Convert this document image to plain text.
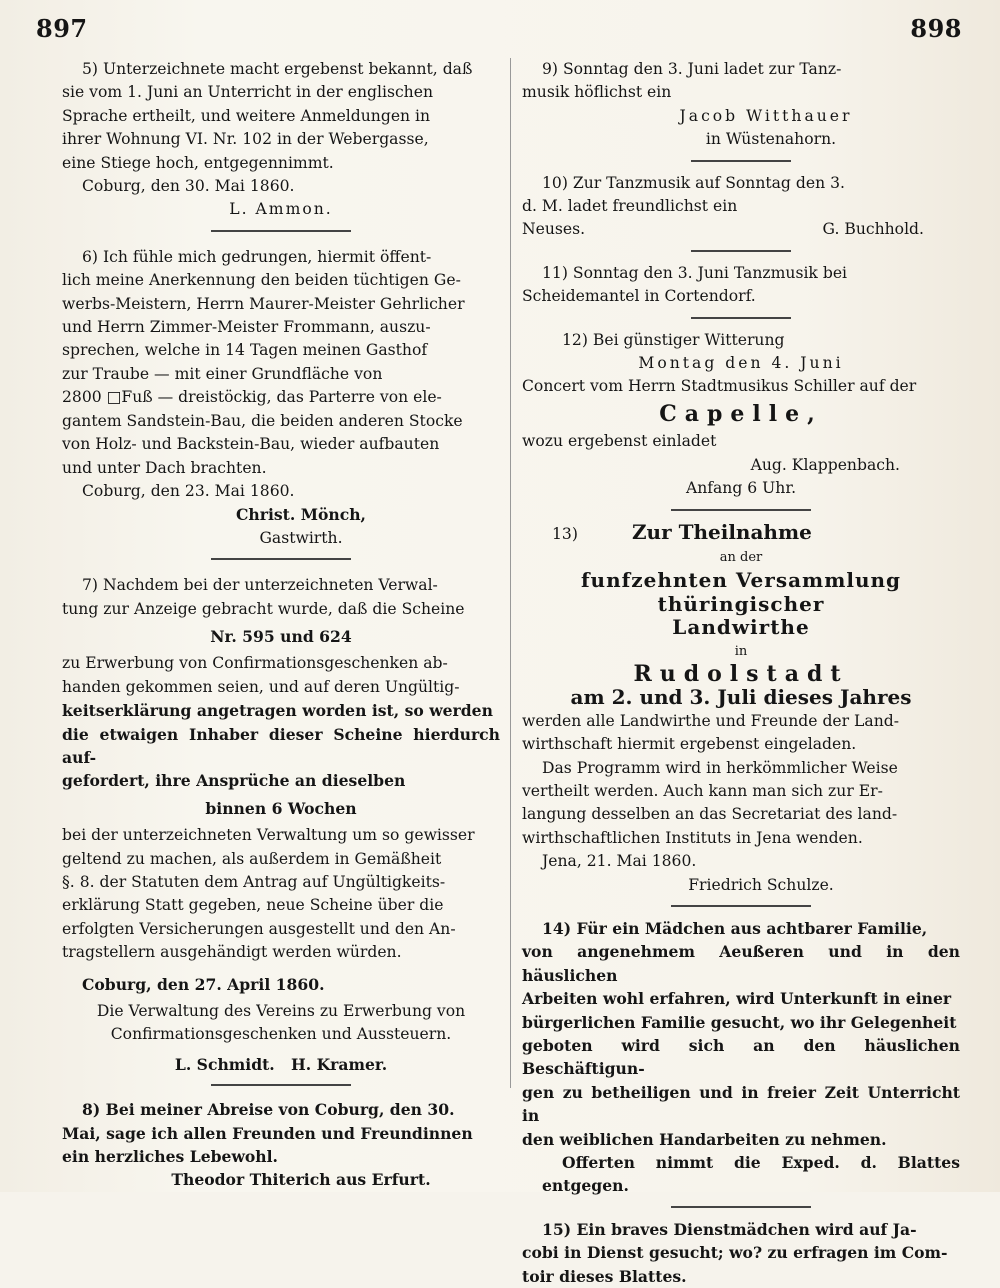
897	898
5) Unterzeichnete macht ergebenst bekannt, daß
sie vom 1. Juni an Unterricht in der englischen
Sprache ertheilt, und weitere Anmeldungen in
ihrer Wohnung VI. Nr. 102 in der Webergasse,
eine Stiege hoch, entgegennimmt.
Coburg, den 30. Mai 1860.
L. Ammon.
6) Ich fühle mich gedrungen, hiermit öffent-
lich meine Anerkennung den beiden tüchtigen Ge-
werbs-Meistern, Herrn Maurer-Meister Gehrlicher
und Herrn Zimmer-Meister Frommann, auszu-
sprechen, welche in 14 Tagen meinen Gasthof
zur Traube — mit einer Grundfläche von
2800 □Fuß — dreistöckig, das Parterre von ele-
gantem Sandstein-Bau, die beiden anderen Stocke
von Holz- und Backstein-Bau, wieder aufbauten
und unter Dach brachten.
Coburg, den 23. Mai 1860.
Christ. Mönch,
Gastwirth.
7) Nachdem bei der unterzeichneten Verwal-
tung zur Anzeige gebracht wurde, daß die Scheine
Nr. 595 und 624
zu Erwerbung von Confirmationsgeschenken ab-
handen gekommen seien, und auf deren Ungültig-
keitserklärung angetragen worden ist, so werden
die etwaigen Inhaber dieser Scheine hierdurch auf-
gefordert, ihre Ansprüche an dieselben
binnen 6 Wochen
bei der unterzeichneten Verwaltung um so gewisser
geltend zu machen, als außerdem in Gemäßheit
§. 8. der Statuten dem Antrag auf Ungültigkeits-
erklärung Statt gegeben, neue Scheine über die
erfolgten Versicherungen ausgestellt und den An-
tragstellern ausgehändigt werden würden.
Coburg, den 27. April 1860.
Die Verwaltung des Vereins zu Erwerbung von
Confirmationsgeschenken und Aussteuern.
L. Schmidt.   H. Kramer.
8) Bei meiner Abreise von Coburg, den 30.
Mai, sage ich allen Freunden und Freundinnen
ein herzliches Lebewohl.
Theodor Thiterich aus Erfurt.
9) Sonntag den 3. Juni ladet zur Tanz-
musik höflichst ein
Jacob Witthauer
in Wüstenahorn.
10) Zur Tanzmusik auf Sonntag den 3.
d. M. ladet freundlichst ein
Neuses.	G. Buchhold.
11) Sonntag den 3. Juni Tanzmusik bei
Scheidemantel in Cortendorf.
12) Bei günstiger Witterung
Montag den 4. Juni
Concert vom Herrn Stadtmusikus Schiller auf der
Capelle,
wozu ergebenst einladet
Aug. Klappenbach.
Anfang 6 Uhr.
13)	Zur Theilnahme
an der
funfzehnten Versammlung thüringischer
Landwirthe
in
Rudolstadt
am 2. und 3. Juli dieses Jahres
werden alle Landwirthe und Freunde der Land-
wirthschaft hiermit ergebenst eingeladen.
Das Programm wird in herkömmlicher Weise
vertheilt werden. Auch kann man sich zur Er-
langung desselben an das Secretariat des land-
wirthschaftlichen Instituts in Jena wenden.
Jena, 21. Mai 1860.
Friedrich Schulze.
14) Für ein Mädchen aus achtbarer Familie,
von angenehmem Aeußeren und in den häuslichen
Arbeiten wohl erfahren, wird Unterkunft in einer
bürgerlichen Familie gesucht, wo ihr Gelegenheit
geboten wird sich an den häuslichen Beschäftigun-
gen zu betheiligen und in freier Zeit Unterricht in
den weiblichen Handarbeiten zu nehmen.
Offerten nimmt die Exped. d. Blattes entgegen.
15) Ein braves Dienstmädchen wird auf Ja-
cobi in Dienst gesucht; wo? zu erfragen im Com-
toir dieses Blattes.
